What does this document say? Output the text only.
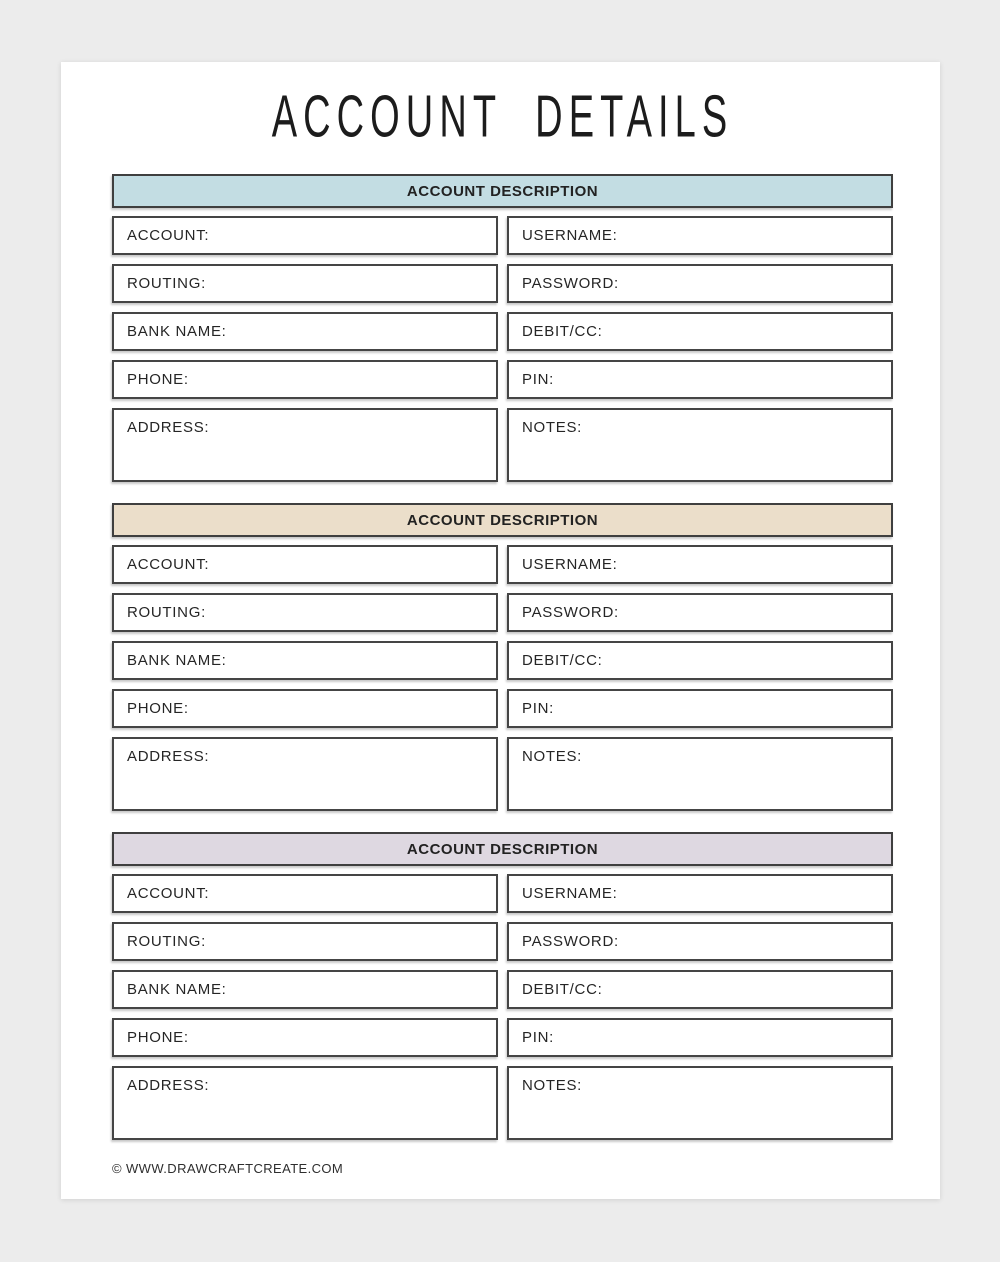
ACCOUNT DETAILS
ACCOUNT DESCRIPTION
ACCOUNT:	USERNAME:
ROUTING:	PASSWORD:
BANK NAME:	DEBIT/CC:
PHONE:	PIN:
ADDRESS:	NOTES:
ACCOUNT DESCRIPTION
ACCOUNT:	USERNAME:
ROUTING:	PASSWORD:
BANK NAME:	DEBIT/CC:
PHONE:	PIN:
ADDRESS:	NOTES:
ACCOUNT DESCRIPTION
ACCOUNT:	USERNAME:
ROUTING:	PASSWORD:
BANK NAME:	DEBIT/CC:
PHONE:	PIN:
ADDRESS:	NOTES:
© WWW.DRAWCRAFTCREATE.COM
